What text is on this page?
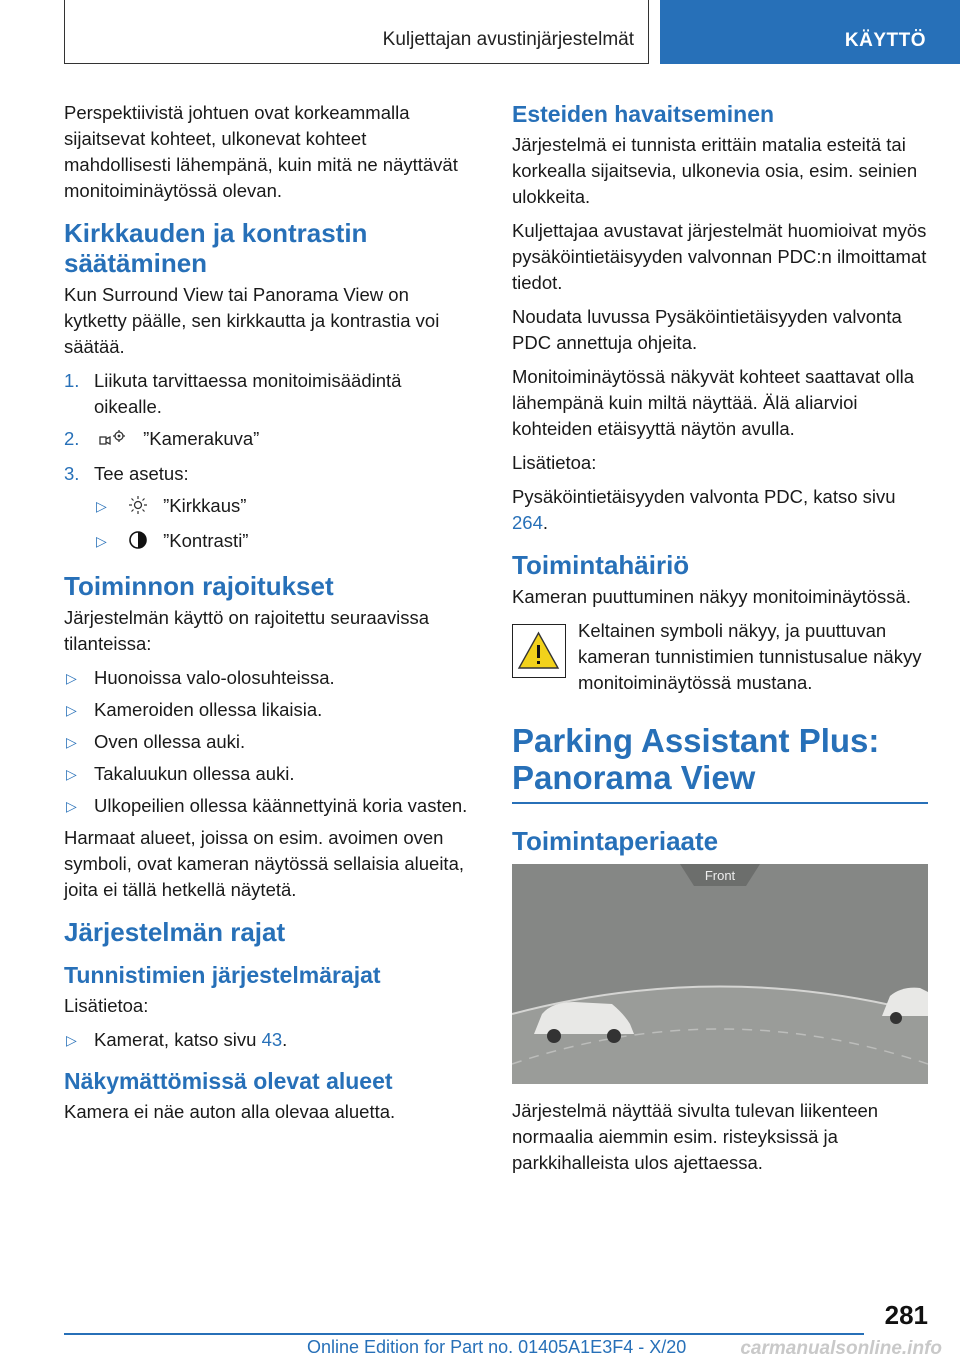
Kuljettajan avustinjärjestelmät	KÄYTTÖ

Perspektiivistä johtuen ovat korkeammalla sijaitsevat kohteet, ulkonevat kohteet mahdollisesti lähempänä, kuin mitä ne näyttävät monitoiminäytössä olevan.

Kirkkauden ja kontrastin säätäminen

Kun Surround View tai Panorama View on kytketty päälle, sen kirkkautta ja kontrastia voi säätää.

1. Liikuta tarvittaessa monitoimisäädintä oikealle.
2.	”Kamerakuva”
3. Tee asetus:
▷	”Kirkkaus”
▷	”Kontrasti”
Toiminnon rajoitukset

Järjestelmän käyttö on rajoitettu seuraavissa tilanteissa:

▷ Huonoissa valo-olosuhteissa.
▷ Kameroiden ollessa likaisia.
▷ Oven ollessa auki.
▷ Takaluukun ollessa auki.
▷ Ulkopeilien ollessa käännettyinä koria vasten.

Harmaat alueet, joissa on esim. avoimen oven symboli, ovat kameran näytössä sellaisia alueita, joita ei tällä hetkellä näytetä.

Järjestelmän rajat
Tunnistimien järjestelmärajat

Lisätietoa:

▷ Kamerat, katso sivu 43.
Näkymättömissä olevat alueet

Kamera ei näe auton alla olevaa aluetta.

Esteiden havaitseminen

Järjestelmä ei tunnista erittäin matalia esteitä tai korkealla sijaitsevia, ulkonevia osia, esim. seinien ulokkeita.

Kuljettajaa avustavat järjestelmät huomioivat myös pysäköintietäisyyden valvonnan PDC:n ilmoittamat tiedot.

Noudata luvussa Pysäköintietäisyyden valvonta PDC annettuja ohjeita.

Monitoiminäytössä näkyvät kohteet saattavat olla lähempänä kuin miltä näyttää. Älä aliarvioi kohteiden etäisyyttä näytön avulla.

Lisätietoa:

Pysäköintietäisyyden valvonta PDC, katso sivu 264.

Toimintahäiriö

Kameran puuttuminen näkyy monitoiminäytössä.

Keltainen symboli näkyy, ja puuttuvan kameran tunnistimien tunnistusalue näkyy monitoiminäytössä mustana.

Parking Assistant Plus: Panorama View
Toimintaperiaate
Front

Järjestelmä näyttää sivulta tulevan liikenteen normaalia aiemmin esim. risteyksissä ja parkkihalleista ulos ajettaessa.

281
Online Edition for Part no. 01405A1E3F4 - X/20	carmanualsonline.info
